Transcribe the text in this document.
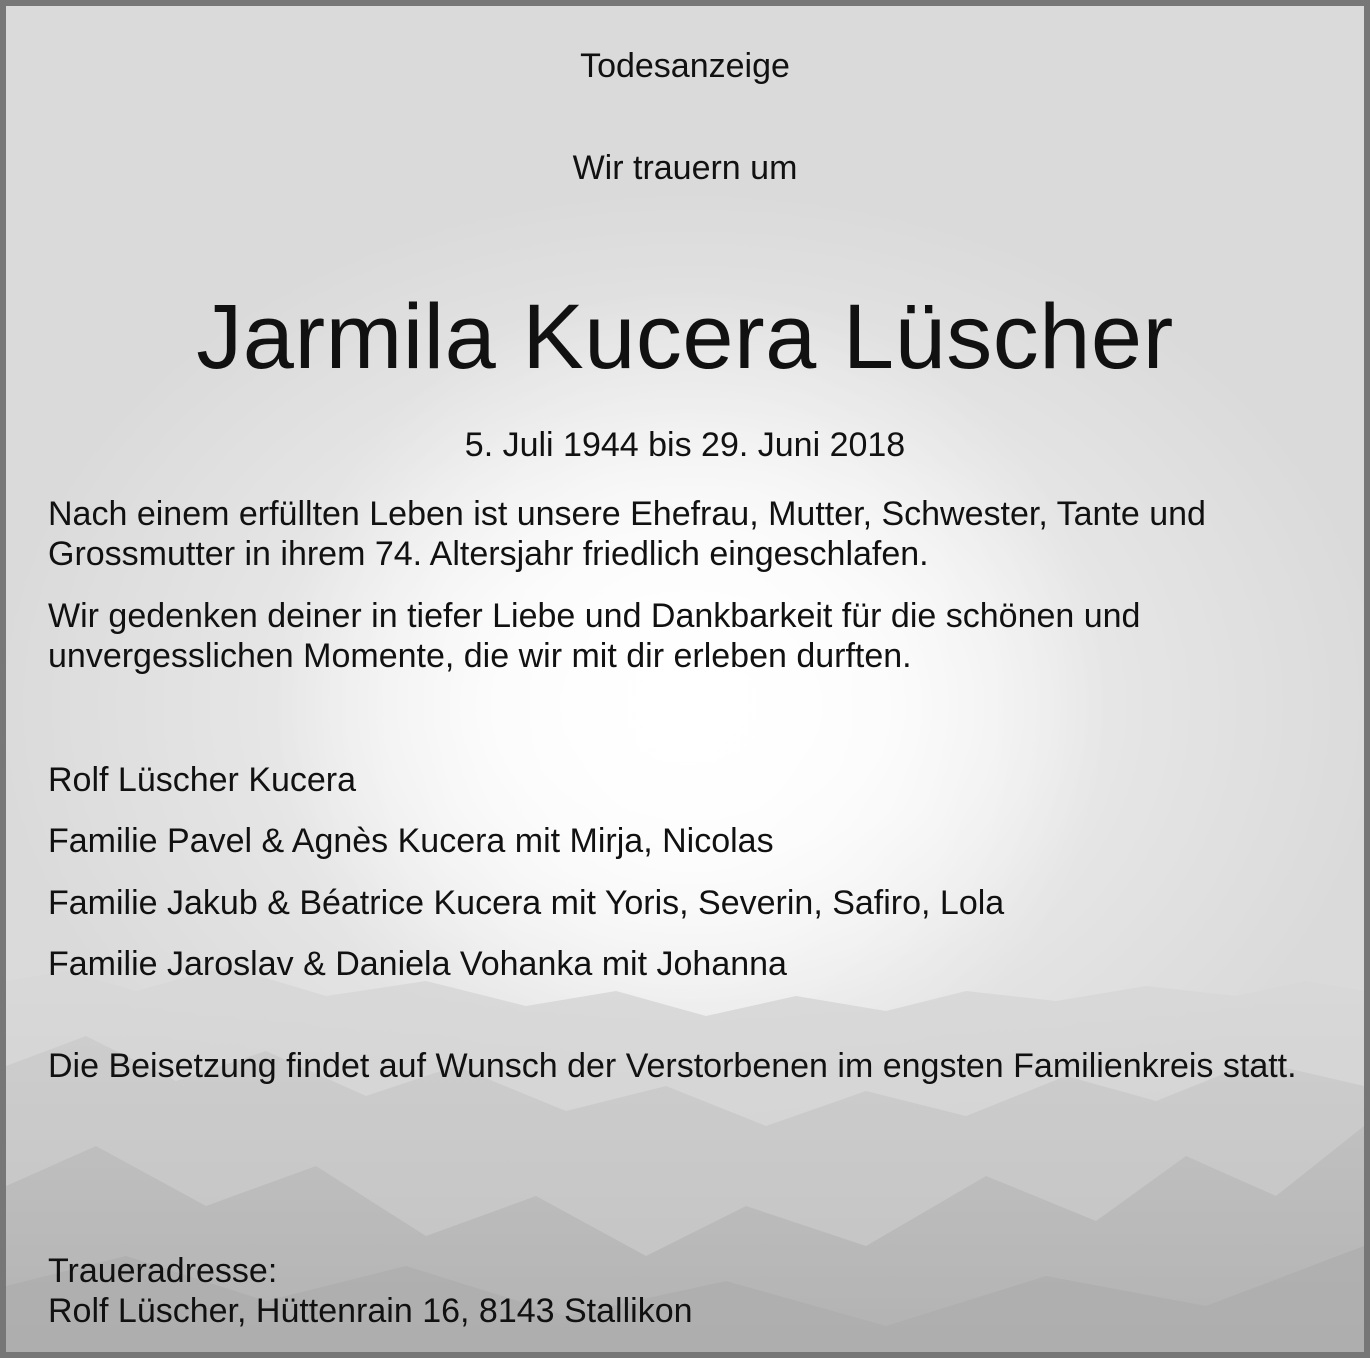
Todesanzeige

Wir trauern um

Jarmila Kucera Lüscher

5. Juli 1944 bis 29. Juni 2018

Nach einem erfüllten Leben ist unsere Ehefrau, Mutter, Schwester, Tante und Grossmutter in ihrem 74. Altersjahr friedlich eingeschlafen.

Wir gedenken deiner in tiefer Liebe und Dankbarkeit für die schönen und unvergesslichen Momente, die wir mit dir erleben durften.

Rolf Lüscher Kucera

Familie Pavel & Agnès Kucera mit Mirja, Nicolas

Familie Jakub & Béatrice Kucera mit Yoris, Severin, Safiro, Lola

Familie Jaroslav & Daniela Vohanka mit Johanna

Die Beisetzung findet auf Wunsch der Verstorbenen im engsten Familienkreis statt.

Traueradresse:

Rolf Lüscher, Hüttenrain 16, 8143 Stallikon
